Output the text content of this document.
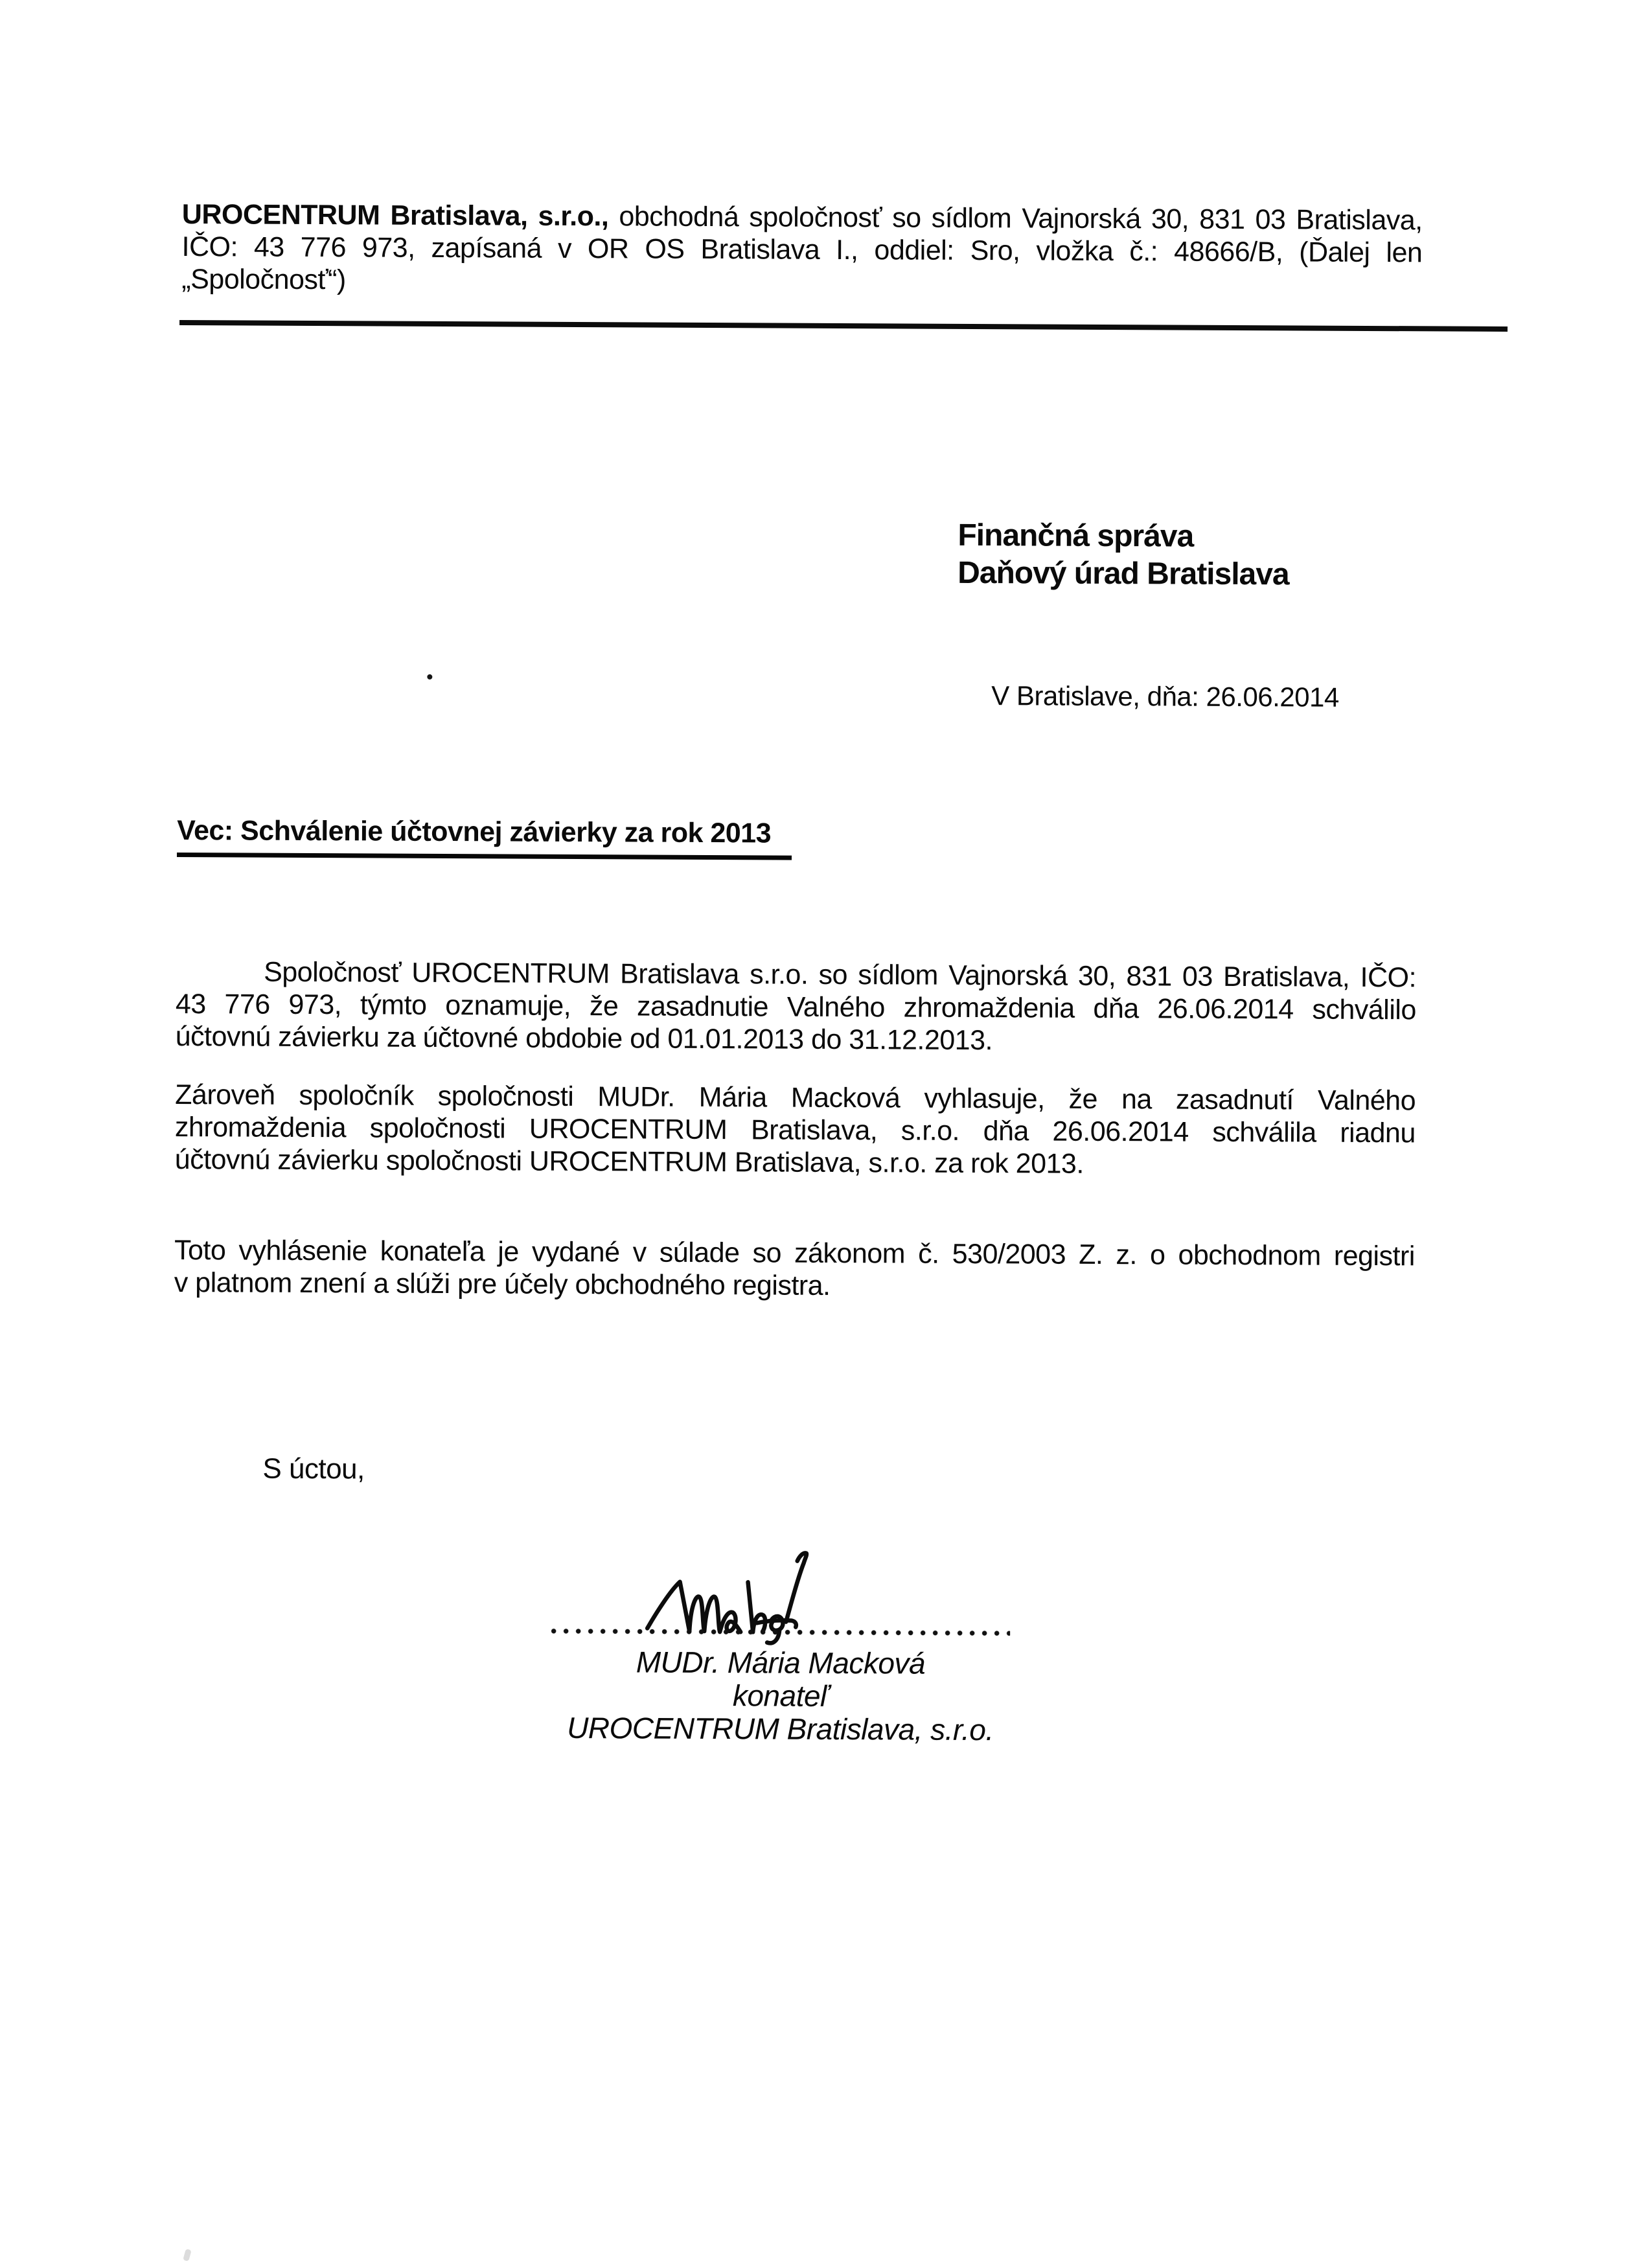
UROCENTRUM Bratislava, s.r.o., obchodná spoločnosť so sídlom Vajnorská 30, 831 03 Bratislava,
IČO: 43 776 973, zapísaná v OR OS Bratislava I., oddiel: Sro, vložka č.: 48666/B, (Ďalej len
„Spoločnosť“)
Finančná správa
Daňový úrad Bratislava
V Bratislave, dňa: 26.06.2014
Vec: Schválenie účtovnej závierky za rok 2013
Spoločnosť UROCENTRUM Bratislava s.r.o. so sídlom Vajnorská 30, 831 03 Bratislava, IČO:
43 776 973, týmto oznamuje, že zasadnutie Valného zhromaždenia dňa 26.06.2014 schválilo
účtovnú závierku za účtovné obdobie od 01.01.2013 do 31.12.2013.
Zároveň spoločník spoločnosti MUDr. Mária Macková vyhlasuje, že na zasadnutí Valného
zhromaždenia spoločnosti UROCENTRUM Bratislava, s.r.o. dňa 26.06.2014 schválila riadnu
účtovnú závierku spoločnosti UROCENTRUM Bratislava, s.r.o. za rok 2013.
Toto vyhlásenie konateľa je vydané v súlade so zákonom č. 530/2003 Z. z. o obchodnom registri
v platnom znení a slúži pre účely obchodného registra.
S úctou,
MUDr. Mária Macková
konateľ
UROCENTRUM Bratislava, s.r.o.
